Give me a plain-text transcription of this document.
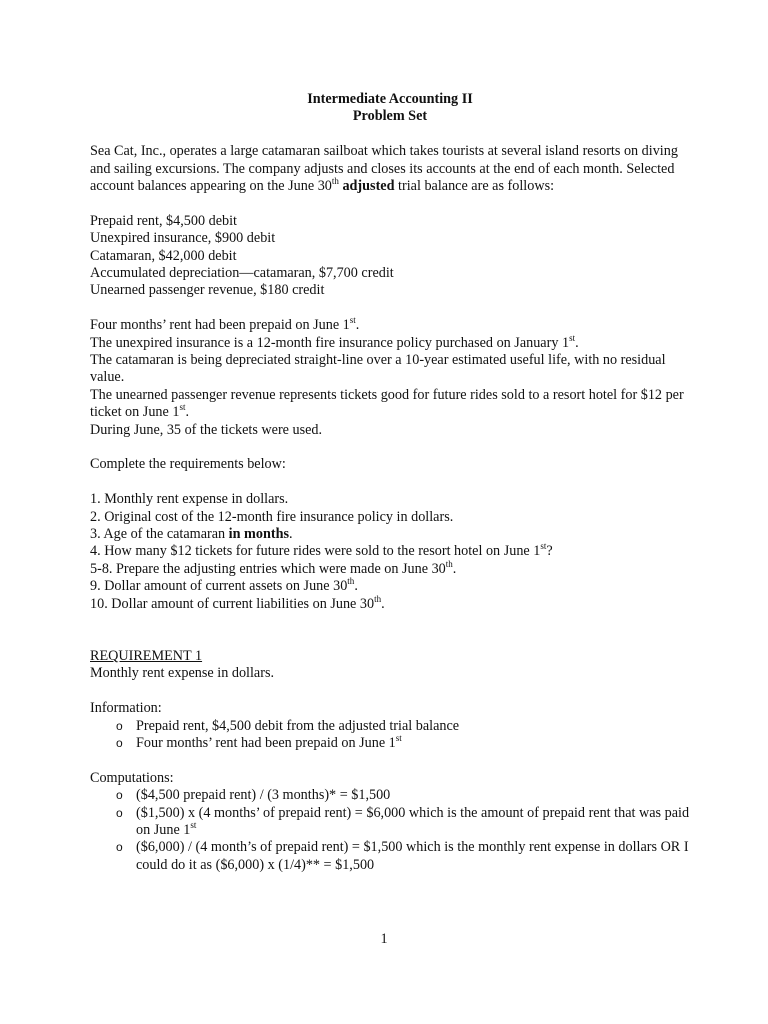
Intermediate Accounting II

Problem Set

Sea Cat, Inc., operates a large catamaran sailboat which takes tourists at several island resorts on diving and sailing excursions. The company adjusts and closes its accounts at the end of each month. Selected account balances appearing on the June 30th adjusted trial balance are as follows:

Prepaid rent, $4,500 debit

Unexpired insurance, $900 debit

Catamaran, $42,000 debit

Accumulated depreciation—catamaran, $7,700 credit

Unearned passenger revenue, $180 credit

Four months’ rent had been prepaid on June 1st.

The unexpired insurance is a 12-month fire insurance policy purchased on January 1st.

The catamaran is being depreciated straight-line over a 10-year estimated useful life, with no residual value.

The unearned passenger revenue represents tickets good for future rides sold to a resort hotel for $12 per ticket on June 1st.

During June, 35 of the tickets were used.

Complete the requirements below:

1. Monthly rent expense in dollars.

2. Original cost of the 12-month fire insurance policy in dollars.

3. Age of the catamaran in months.

4. How many $12 tickets for future rides were sold to the resort hotel on June 1st?

5-8. Prepare the adjusting entries which were made on June 30th.

9. Dollar amount of current assets on June 30th.

10. Dollar amount of current liabilities on June 30th.

REQUIREMENT 1

Monthly rent expense in dollars.

Information:

o Prepaid rent, $4,500 debit from the adjusted trial balance
o Four months’ rent had been prepaid on June 1st

Computations:

o ($4,500 prepaid rent) / (3 months)* = $1,500
o ($1,500) x (4 months’ of prepaid rent) = $6,000 which is the amount of prepaid rent that was paid on June 1st
o ($6,000) / (4 month’s of prepaid rent) = $1,500 which is the monthly rent expense in dollars OR I could do it as ($6,000) x (1/4)** = $1,500

1
